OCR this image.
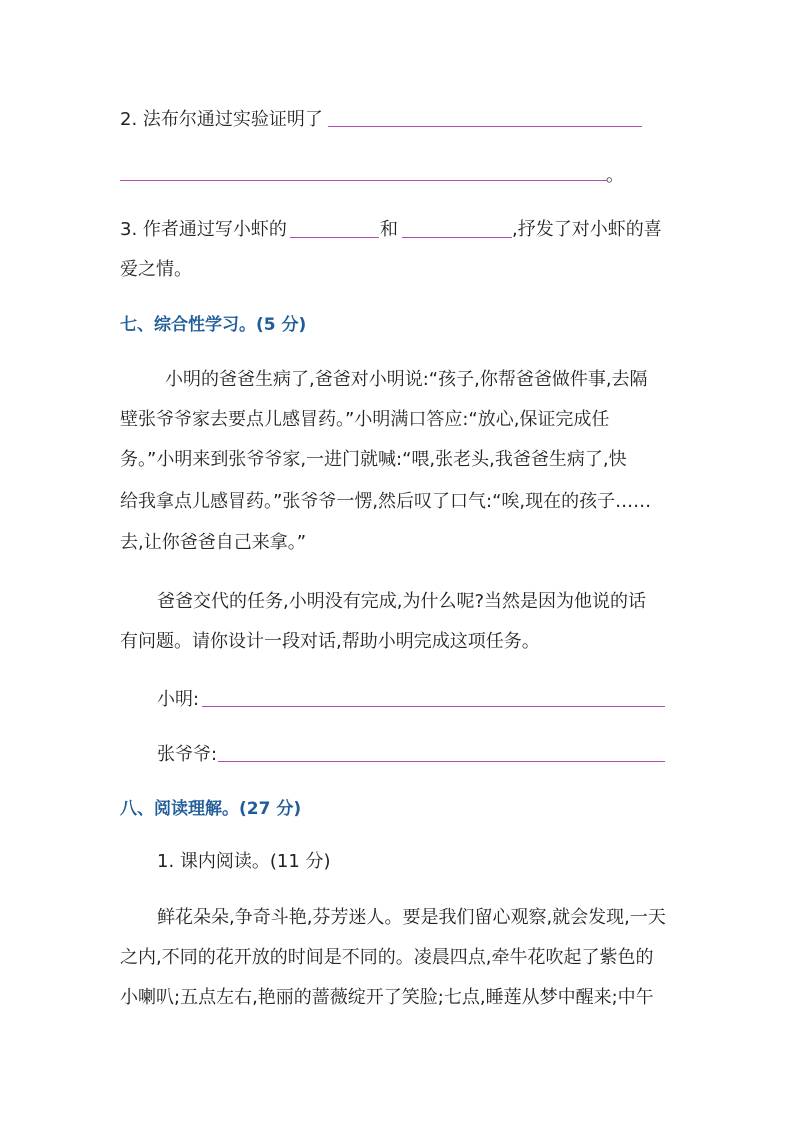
2. 法布尔通过实验证明了
。
3. 作者通过写小虾的	和	,抒发了对小虾的喜
爱之情。
七、综合性学习。(5 分)
小明的爸爸生病了,爸爸对小明说:“孩子,你帮爸爸做件事,去隔
壁张爷爷家去要点儿感冒药。”小明满口答应:“放心,保证完成任
务。”小明来到张爷爷家,一进门就喊:“喂,张老头,我爸爸生病了,快
给我拿点儿感冒药。”张爷爷一愣,然后叹了口气:“唉,现在的孩子……
去,让你爸爸自己来拿。”
爸爸交代的任务,小明没有完成,为什么呢?当然是因为他说的话
有问题。请你设计一段对话,帮助小明完成这项任务。
小明:
张爷爷:
八、阅读理解。(27 分)
1. 课内阅读。(11 分)
鲜花朵朵,争奇斗艳,芬芳迷人。要是我们留心观察,就会发现,一天
之内,不同的花开放的时间是不同的。凌晨四点,牵牛花吹起了紫色的
小喇叭;五点左右,艳丽的蔷薇绽开了笑脸;七点,睡莲从梦中醒来;中午
